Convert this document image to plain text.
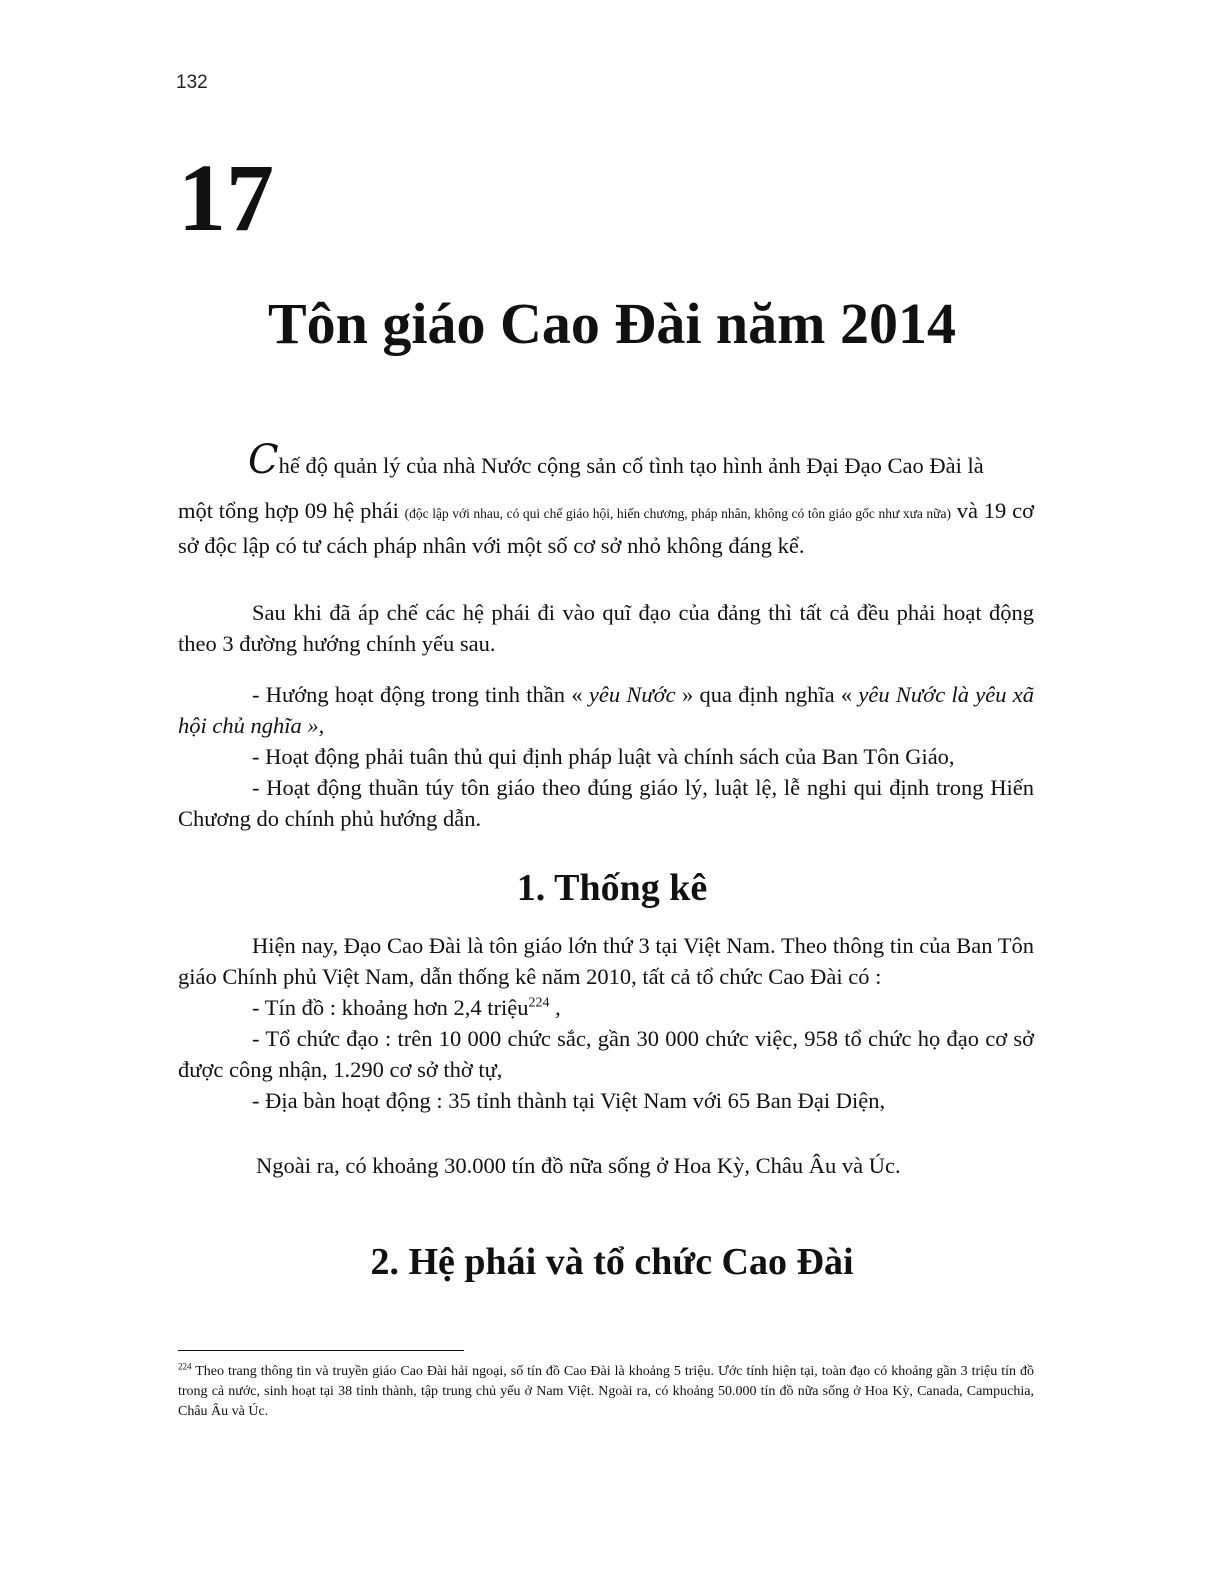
132
17
Tôn giáo Cao Đài năm 2014
Chế độ quản lý của nhà Nước cộng sản cố tình tạo hình ảnh Đại Đạo Cao Đài là
một tổng hợp 09 hệ phái (độc lập với nhau, có qui chế giáo hội, hiến chương, pháp nhân, không có tôn giáo gốc như xưa nữa) và 19 cơ sở độc lập có tư cách pháp nhân với một số cơ sở nhỏ không đáng kể.
Sau khi đã áp chế các hệ phái đi vào quĩ đạo của đảng thì tất cả đều phải hoạt động theo 3 đường hướng chính yếu sau.
- Hướng hoạt động trong tinh thần « yêu Nước » qua định nghĩa « yêu Nước là yêu xã hội chủ nghĩa »,
- Hoạt động phải tuân thủ qui định pháp luật và chính sách của Ban Tôn Giáo,
- Hoạt động thuần túy tôn giáo theo đúng giáo lý, luật lệ, lễ nghi qui định trong Hiến Chương do chính phủ hướng dẫn.
1. Thống kê
Hiện nay, Đạo Cao Đài là tôn giáo lớn thứ 3 tại Việt Nam. Theo thông tin của Ban Tôn giáo Chính phủ Việt Nam, dẫn thống kê năm 2010, tất cả tổ chức Cao Đài có :
- Tín đồ : khoảng hơn 2,4 triệu$^{224}$ ,
- Tổ chức đạo : trên 10 000 chức sắc, gần 30 000 chức việc, 958 tổ chức họ đạo cơ sở được công nhận, 1.290 cơ sở thờ tự,
- Địa bàn hoạt động : 35 tỉnh thành tại Việt Nam với 65 Ban Đại Diện,
Ngoài ra, có khoảng 30.000 tín đồ nữa sống ở Hoa Kỳ, Châu Âu và Úc.
2. Hệ phái và tổ chức Cao Đài
$^{224}$ Theo trang thông tin và truyền giáo Cao Đài hải ngoại, số tín đồ Cao Đài là khoảng 5 triệu. Ước tính hiện tại, toàn đạo có khoảng gần 3 triệu tín đồ trong cả nước, sinh hoạt tại 38 tỉnh thành, tập trung chủ yếu ở Nam Việt. Ngoài ra, có khoảng 50.000 tín đồ nữa sống ở Hoa Kỳ, Canada, Campuchia, Châu Âu và Úc.
